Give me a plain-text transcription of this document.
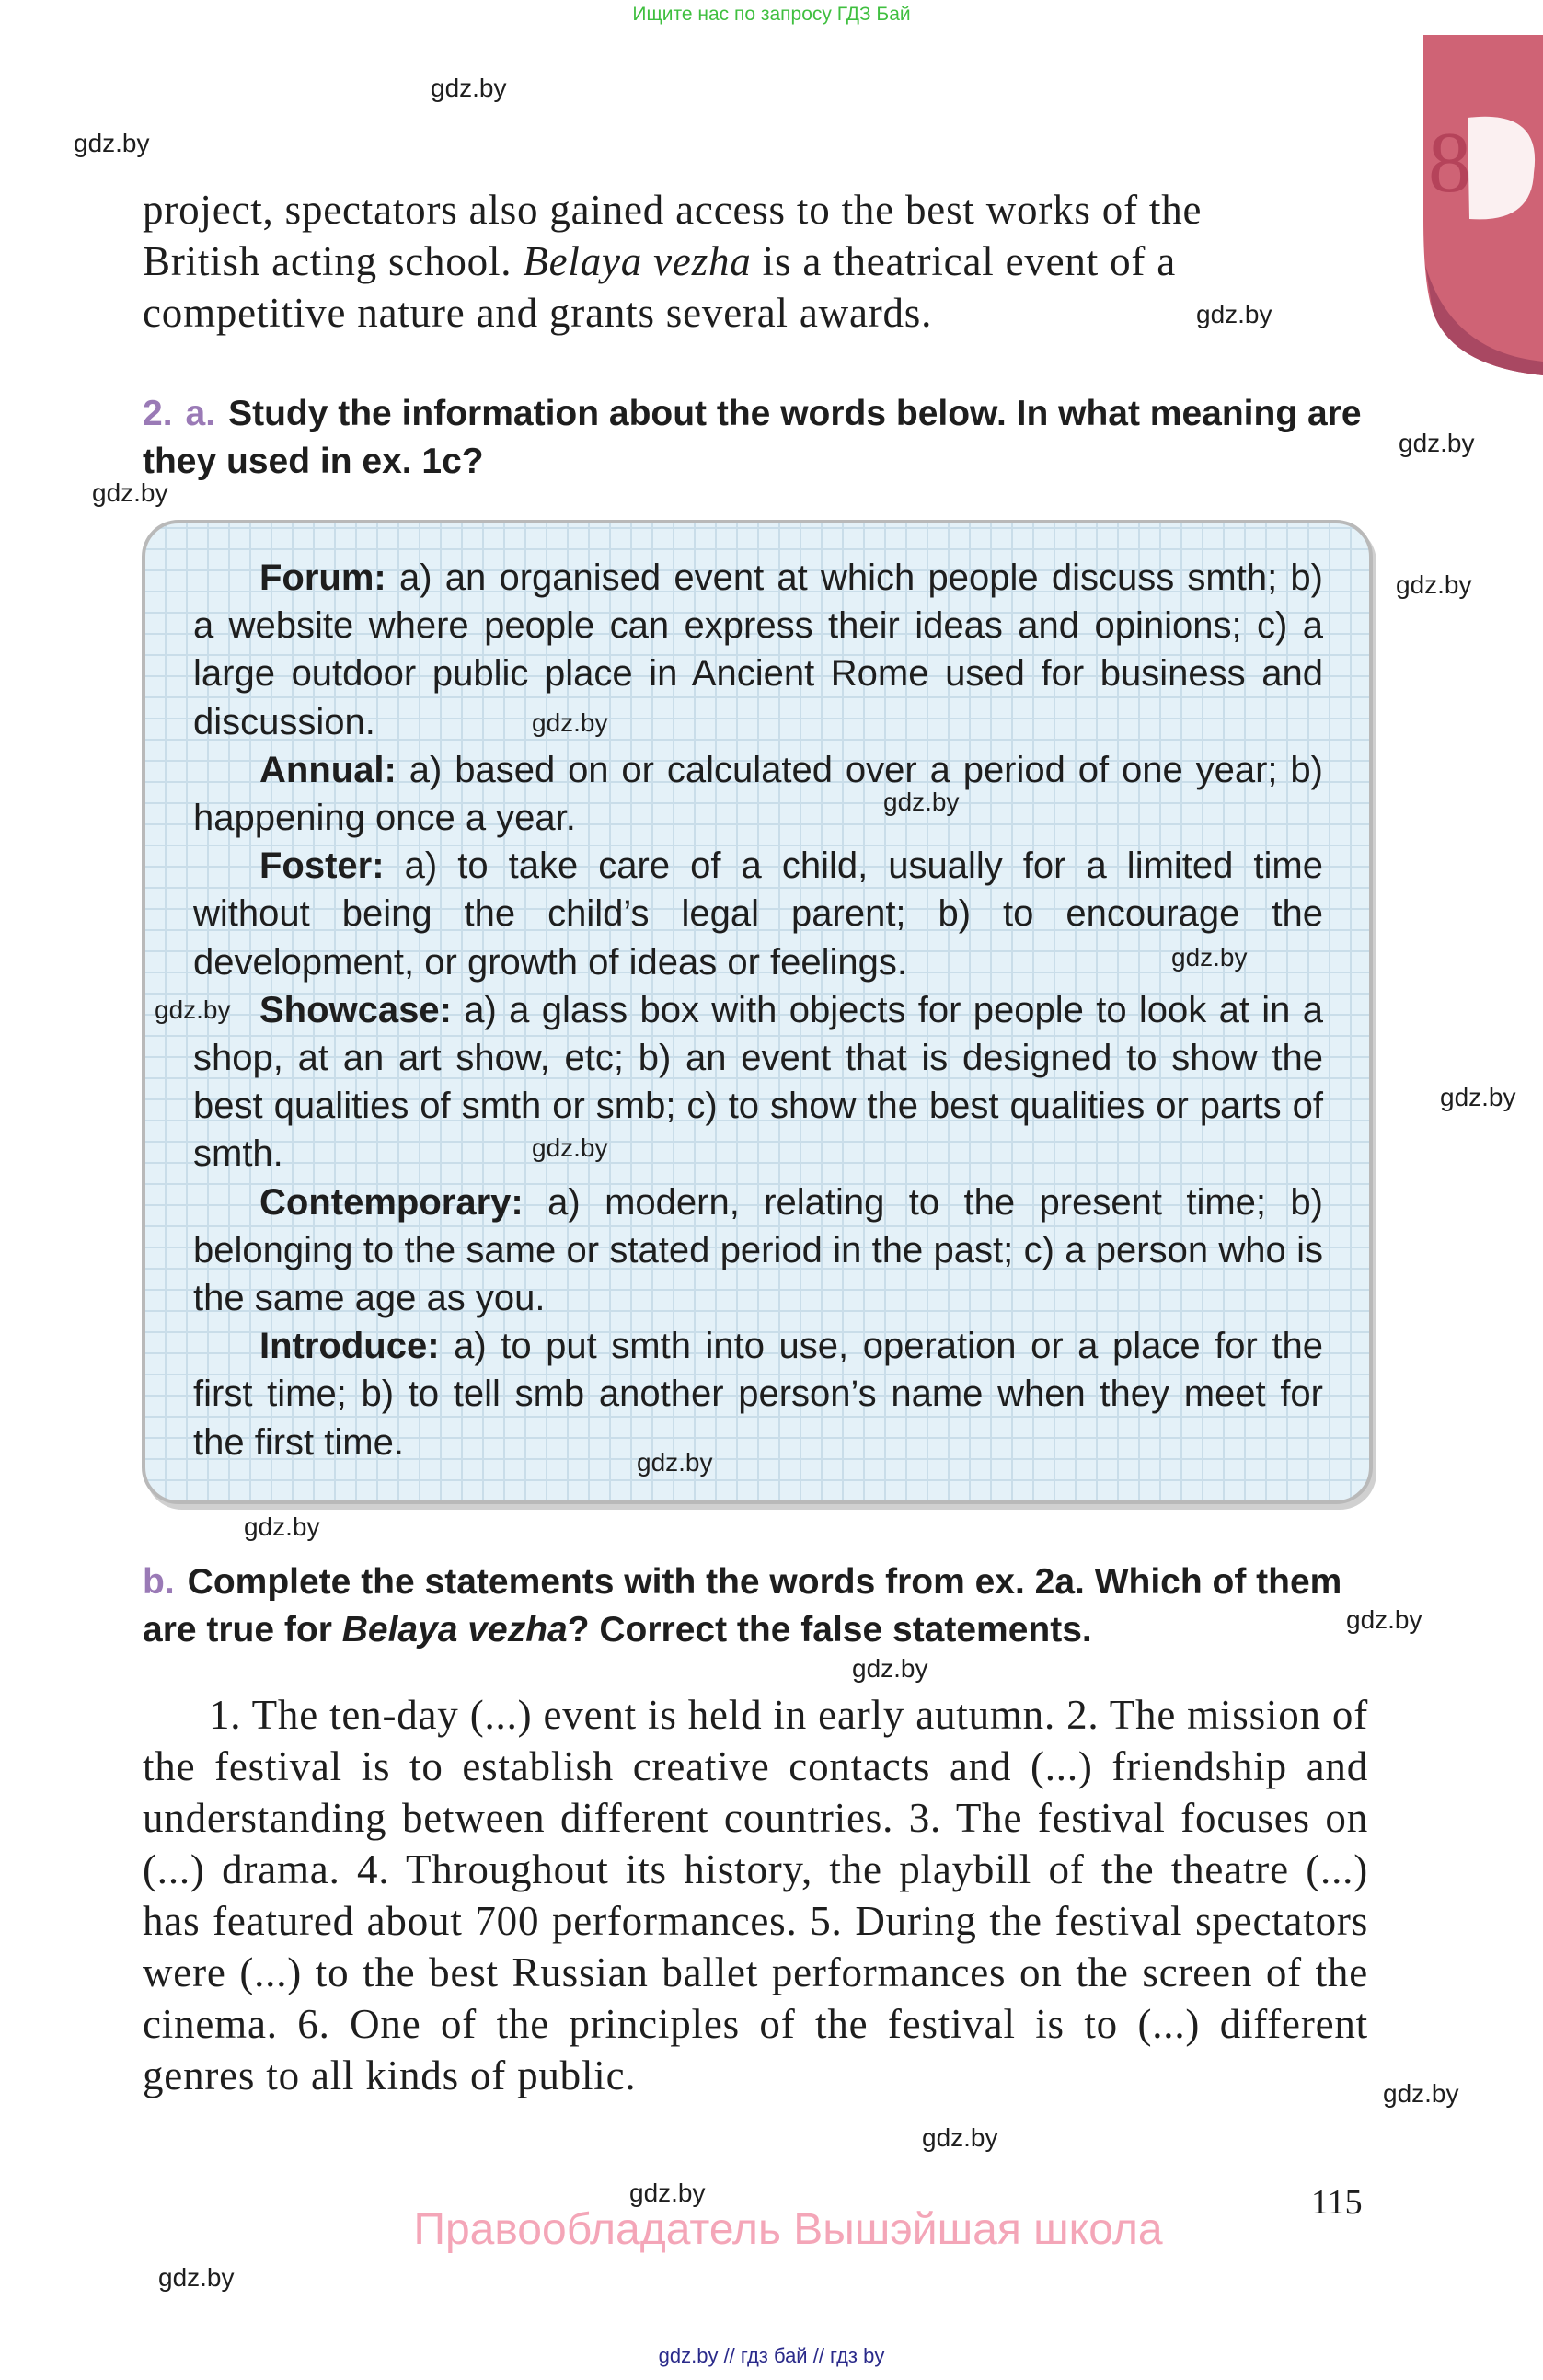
Ищите нас по запросу ГДЗ Бай
8
project, spectators also gained access to the best works of the
British acting school. Belaya vezha is a theatrical event of a
competitive nature and grants several awards.
2. a. Study the information about the words below. In what meaning are they used in ex. 1c?

Forum: a) an organised event at which people discuss smth; b) a website where people can express their ideas and opinions; c) a large outdoor public place in Ancient Rome used for business and discussion.

Annual: a) based on or calculated over a period of one year; b) happening once a year.

Foster: a) to take care of a child, usually for a limited time without being the child’s legal parent; b) to encourage the development, or growth of ideas or feelings.

Showcase: a) a glass box with objects for people to look at in a shop, at an art show, etc; b) an event that is designed to show the best qualities of smth or smb; c) to show the best qualities or parts of smth.

Contemporary: a) modern, relating to the present time; b) belonging to the same or stated period in the past; c) a person who is the same age as you.

Introduce: a) to put smth into use, operation or a place for the first time; b) to tell smb another person’s name when they meet for the first time.

b. Complete the statements with the words from ex. 2a. Which of them are true for Belaya vezha? Correct the false statements.
1. The ten-day (...) event is held in early autumn. 2. The mission of the festival is to establish creative contacts and (...) friendship and understanding between different countries. 3. The festival focuses on (...) drama. 4. Throughout its history, the playbill of the theatre (...) has featured about 700 performances. 5. During the festival spectators were (...) to the best Russian ballet performances on the screen of the cinema. 6. One of the principles of the festival is to (...) different genres to all kinds of public.
gdz.by
gdz.by
gdz.by
gdz.by
gdz.by
gdz.by
gdz.by
gdz.by
gdz.by
gdz.by
gdz.by
gdz.by
gdz.by
gdz.by
gdz.by
gdz.by
gdz.by
gdz.by
gdz.by
gdz.by
115
Правообладатель Вышэйшая школа
gdz.by // гдз бай // гдз by
